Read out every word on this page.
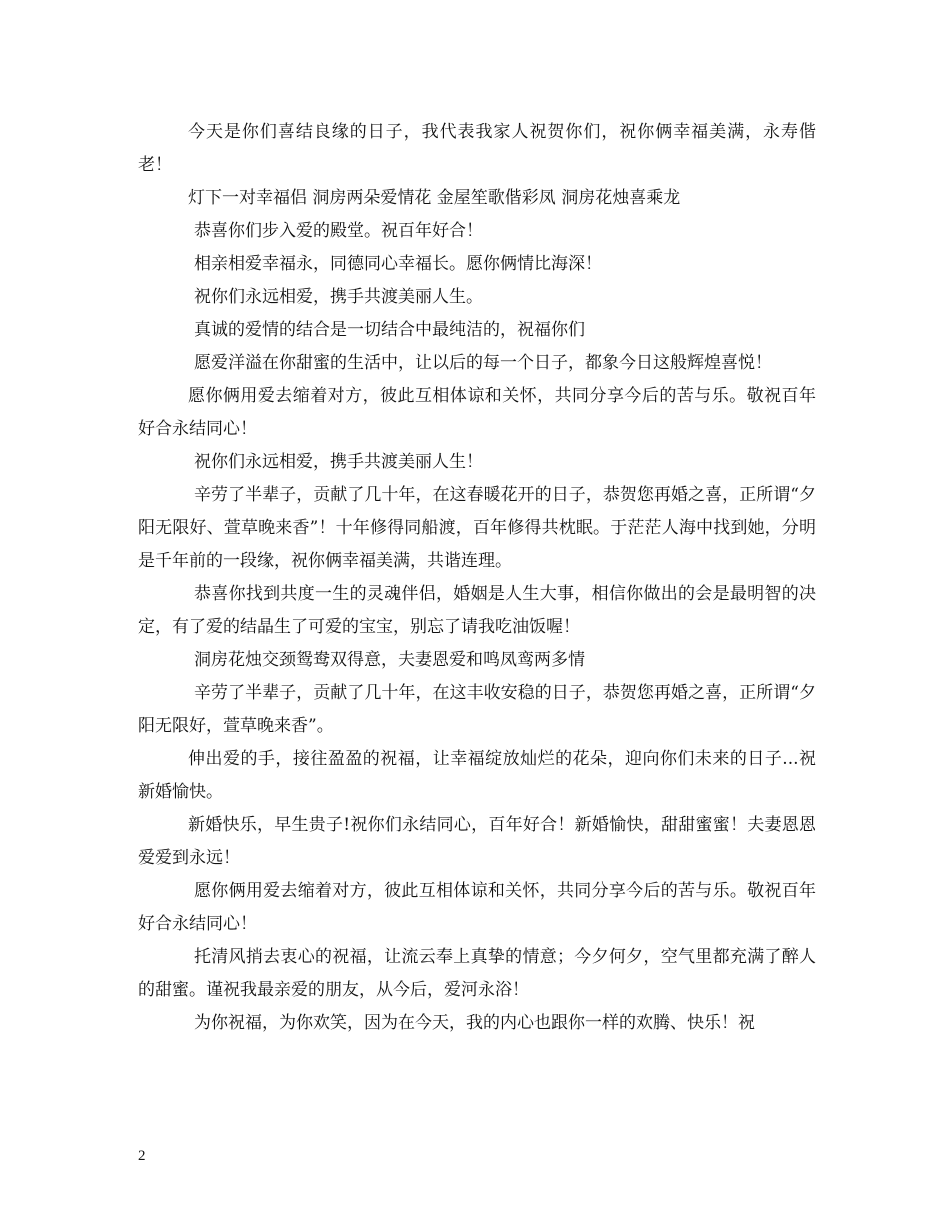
今天是你们喜结良缘的日子，我代表我家人祝贺你们，祝你俩幸福美满，永寿偕老！

灯下一对幸福侣 洞房两朵爱情花 金屋笙歌偕彩凤 洞房花烛喜乘龙

恭喜你们步入爱的殿堂。祝百年好合！

相亲相爱幸福永，同德同心幸福长。愿你俩情比海深！

祝你们永远相爱，携手共渡美丽人生。

真诚的爱情的结合是一切结合中最纯洁的，祝福你们

愿爱洋溢在你甜蜜的生活中，让以后的每一个日子，都象今日这般辉煌喜悦！

愿你俩用爱去缩着对方，彼此互相体谅和关怀，共同分享今后的苦与乐。敬祝百年好合永结同心！

祝你们永远相爱，携手共渡美丽人生！

辛劳了半辈子，贡献了几十年，在这春暖花开的日子，恭贺您再婚之喜，正所谓“夕阳无限好、萱草晚来香”！十年修得同船渡，百年修得共枕眠。于茫茫人海中找到她，分明是千年前的一段缘，祝你俩幸福美满，共谐连理。

恭喜你找到共度一生的灵魂伴侣，婚姻是人生大事，相信你做出的会是最明智的决定，有了爱的结晶生了可爱的宝宝，别忘了请我吃油饭喔！

洞房花烛交颈鸳鸯双得意，夫妻恩爱和鸣凤鸾两多情

辛劳了半辈子，贡献了几十年，在这丰收安稳的日子，恭贺您再婚之喜，正所谓“夕阳无限好，萱草晚来香”。

伸出爱的手，接往盈盈的祝福，让幸福绽放灿烂的花朵，迎向你们未来的日子...祝新婚愉快。

新婚快乐，早生贵子!祝你们永结同心，百年好合！新婚愉快，甜甜蜜蜜！夫妻恩恩爱爱到永远！

愿你俩用爱去缩着对方，彼此互相体谅和关怀，共同分享今后的苦与乐。敬祝百年好合永结同心！

托清风捎去衷心的祝福，让流云奉上真挚的情意；今夕何夕，空气里都充满了醉人的甜蜜。谨祝我最亲爱的朋友，从今后，爱河永浴！

为你祝福，为你欢笑，因为在今天，我的内心也跟你一样的欢腾、快乐！祝

2
